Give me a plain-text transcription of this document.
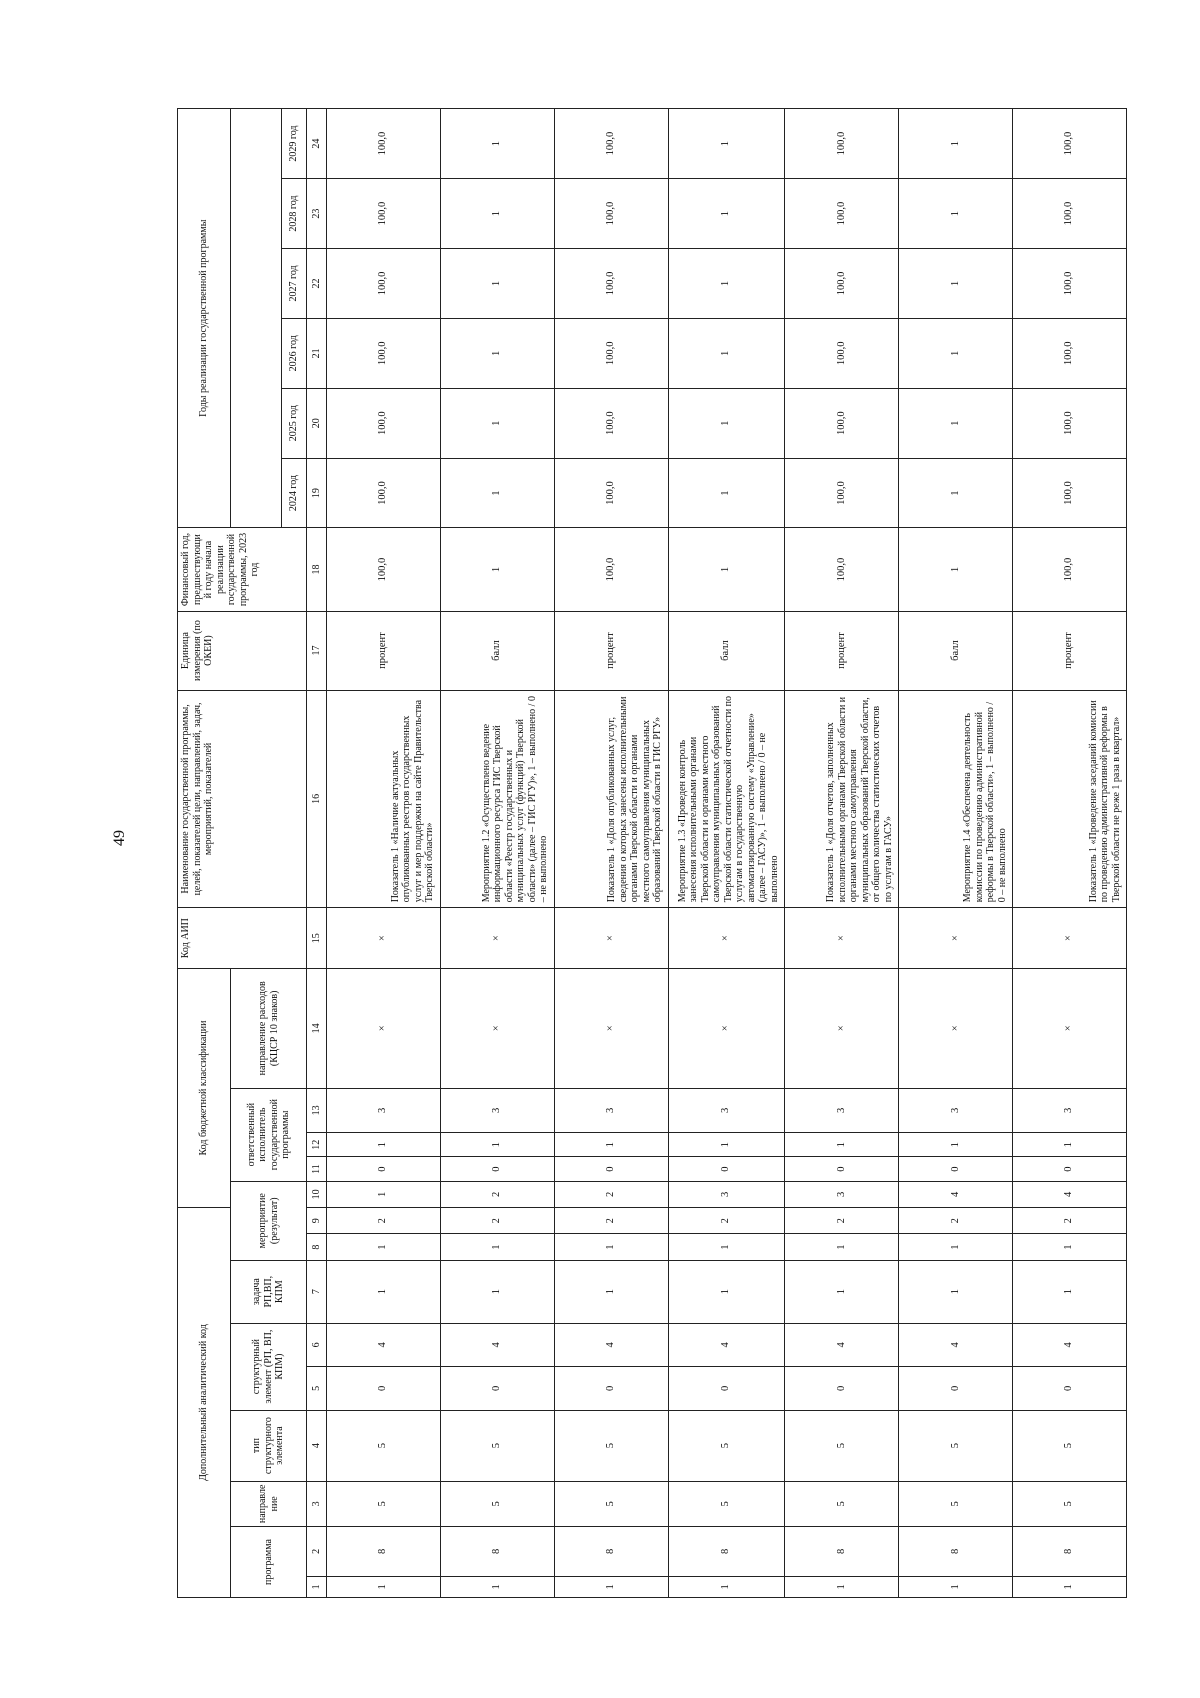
49
Дополнительный аналитический код									Код бюджетной классификации					Код АИП	Наименование государственной программы, целей, показателей цели, направлений, задач, мероприятий, показателей	Единица измерения (по ОКЕИ)	Финансовый год, предшествующий году начала реализации государственной программы, 2023 год	Годы реализации государственной программы					
программа		направление	тип структурного элемента	структурный элемент (РП, ВП, КПМ)		задача РП,ВП, КПМ	мероприятие (результат)			ответственный исполнитель государственной программы			направление расходов (КЦСР 10 знаков)										
																		2024 год	2025 год	2026 год	2027 год	2028 год	2029 год
1	2	3	4	5	6	7	8	9	10	11	12	13	14	15	16	17	18	19	20	21	22	23	24
1	8	5	5	0	4	1	1	2	1	0	1	3	×	×	Показатель 1 «Наличие актуальных опубликованных реестров государственных услуг и мер поддержки на сайте Правительства Тверской области»	процент	100,0	100,0	100,0	100,0	100,0	100,0	100,0
1	8	5	5	0	4	1	1	2	2	0	1	3	×	×	Мероприятие 1.2 «Осуществлено ведение информационного ресурса ГИС Тверской области «Реестр государственных и муниципальных услуг (функций) Тверской области» (далее – ГИС РГУ)», 1 – выполнено / 0 – не выполнено	балл	1	1	1	1	1	1	1
1	8	5	5	0	4	1	1	2	2	0	1	3	×	×	Показатель 1 «Доля опубликованных услуг, сведения о которых занесены исполнительными органами Тверской области и органами местного самоуправления муниципальных образований Тверской области в ГИС РГУ»	процент	100,0	100,0	100,0	100,0	100,0	100,0	100,0
1	8	5	5	0	4	1	1	2	3	0	1	3	×	×	Мероприятие 1.3 «Проведен контроль занесения исполнительными органами Тверской области и органами местного самоуправления муниципальных образований Тверской области статистической отчетности по услугам в государственную автоматизированную систему «Управление» (далее – ГАСУ)», 1 – выполнено / 0 – не выполнено	балл	1	1	1	1	1	1	1
1	8	5	5	0	4	1	1	2	3	0	1	3	×	×	Показатель 1 «Доля отчетов, заполненных исполнительными органами Тверской области и органами местного самоуправления муниципальных образований Тверской области, от общего количества статистических отчетов по услугам в ГАСУ»	процент	100,0	100,0	100,0	100,0	100,0	100,0	100,0
1	8	5	5	0	4	1	1	2	4	0	1	3	×	×	Мероприятие 1.4 «Обеспечена деятельность комиссии по проведению административной реформы в Тверской области», 1 – выполнено / 0 – не выполнено	балл	1	1	1	1	1	1	1
1	8	5	5	0	4	1	1	2	4	0	1	3	×	×	Показатель 1 «Проведение заседаний комиссии по проведению административной реформы в Тверской области не реже 1 раза в квартал»	процент	100,0	100,0	100,0	100,0	100,0	100,0	100,0
